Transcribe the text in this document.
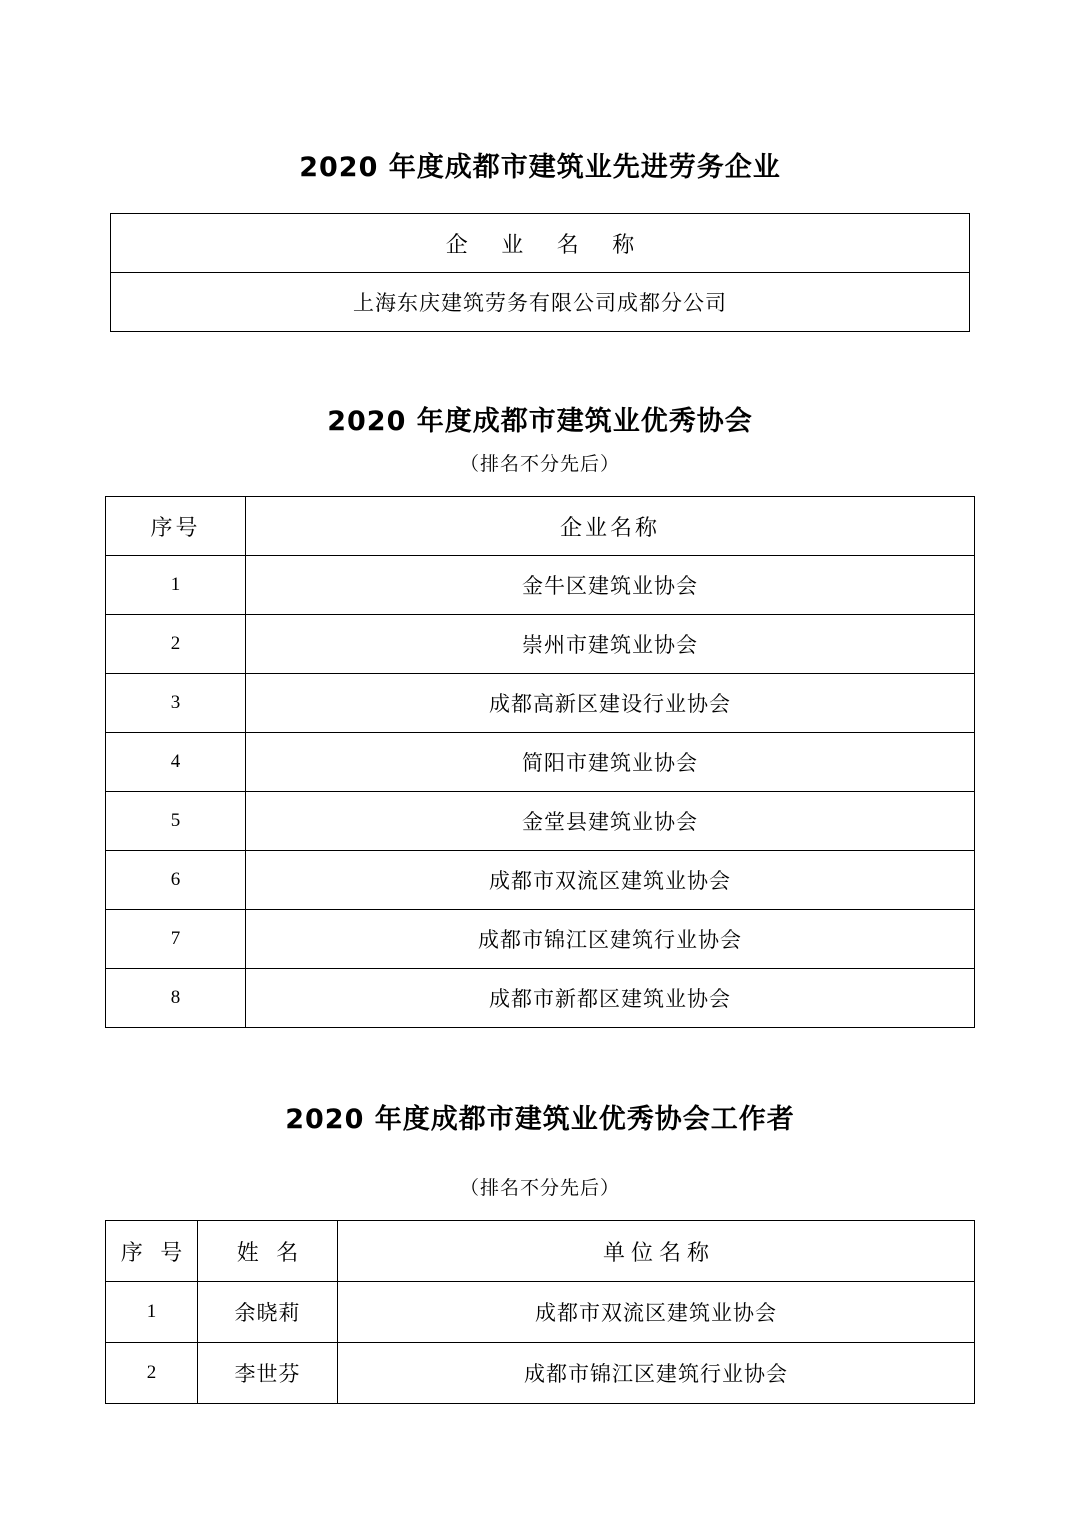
2020 年度成都市建筑业先进劳务企业
企 业 名 称
上海东庆建筑劳务有限公司成都分公司
2020 年度成都市建筑业优秀协会
（排名不分先后）
序号	企业名称
1	金牛区建筑业协会
2	崇州市建筑业协会
3	成都高新区建设行业协会
4	简阳市建筑业协会
5	金堂县建筑业协会
6	成都市双流区建筑业协会
7	成都市锦江区建筑行业协会
8	成都市新都区建筑业协会
2020 年度成都市建筑业优秀协会工作者
（排名不分先后）
序 号	姓 名	单位名称
1	余晓莉	成都市双流区建筑业协会
2	李世芬	成都市锦江区建筑行业协会
